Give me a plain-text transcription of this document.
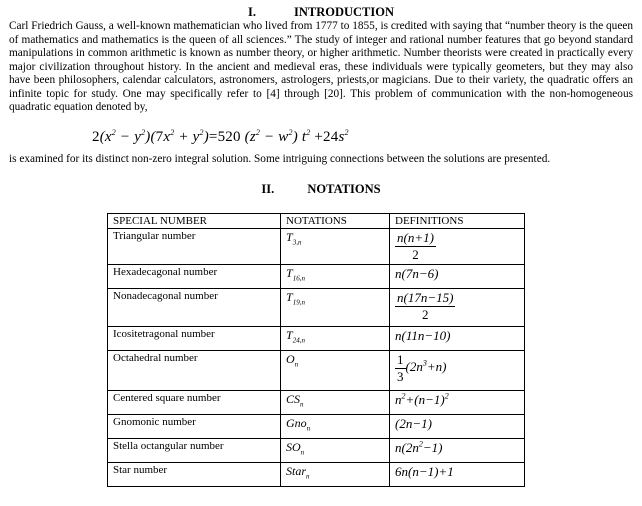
I.	INTRODUCTION
Carl Friedrich Gauss, a well-known mathematician who lived from 1777 to 1855, is credited with saying that “number theory is the queen of mathematics and mathematics is the queen of all sciences.” The study of integer and rational number features that go beyond standard manipulations in common arithmetic is known as number theory, or higher arithmetic. Number theorists were created in practically every major civilization throughout history. In the ancient and medieval eras, these individuals were typically geometers, but they may also have been philosophers, calendar calculators, astronomers, astrologers, priests,or magicians. Due to their variety, the quadratic offers an infinite topic for study. One may specifically refer to [4] through [20]. This problem of communication with the non-homogeneous quadratic equation denoted by,
$2(x^2 - y^2)(7x^2 + y^2)=520$ $(z^2 - w^2)$ $t^2 +24s^2$
is examined for its distinct non-zero integral solution. Some intriguing connections between the solutions are presented.
II.	NOTATIONS
SPECIAL NUMBER	NOTATIONS	DEFINITIONS
Triangular number	$T_{3,n}$	$\frac{n(n+1)}{2}$

Hexadecagonal number	$T_{16,n}$	n(7n−6)
Nonadecagonal number	$T_{19,n}$	$\frac{n(17n-15)}{2}$

Icositetragonal number	$T_{24,n}$	n(11n−10)
Octahedral number	$O_n$	$\frac{1}{3} (2n^3+n)$
Centered square number	$CS_n$	$n^2+(n-1)^2$
Gnomonic number	Gno$_n$	(2n−1)
Stella octangular number	$SO_n$	$n(2n^2-1)$
Star number	Star$_n$	6n(n−1)+1
